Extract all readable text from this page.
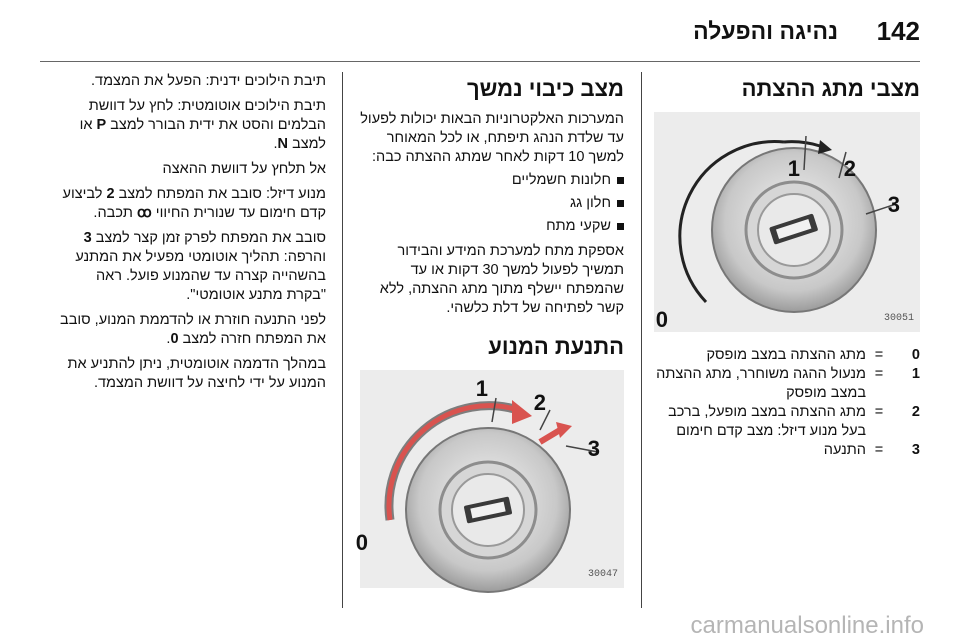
142
נהיגה והפעלה
מצבי מתג ההצתה
0
1 2
3
30051
0
=
מתג ההצתה במצב מופסק
1
=
מנעול ההגה משוחרר, מתג ההצתה במצב מופסק
2
=
מתג ההצתה במצב מופעל, ברכב בעל מנוע דיזל: מצב קדם חימום
3
=
התנעה
מצב כיבוי נמשך

המערכות האלקטרוניות הבאות יכולות לפעול עד שלדת הנהג תיפתח, או לכל המאוחר למשך 10 דקות לאחר שמתג ההצתה כבה:

חלונות חשמליים
חלון גג
שקעי מתח

אספקת מתח למערכת המידע והבידור תמשיך לפעול למשך 30 דקות או עד שהמפתח יישלף מתוך מתג ההצתה, ללא קשר לפתיחה של דלת כלשהי.

התנעת המנוע
0
1
2
3
30047

תיבת הילוכים ידנית: הפעל את המצמד.

תיבת הילוכים אוטומטית: לחץ על דוושת הבלמים והסט את ידית הבורר למצב P או למצב N.

אל תלחץ על דוושת ההאצה

מנוע דיזל: סובב את המפתח למצב 2 לביצוע קדם חימום עד שנורית החיווי ꝏ תכבה.

סובב את המפתח לפרק זמן קצר למצב 3 והרפה: תהליך אוטומטי מפעיל את המתנע בהשהייה קצרה עד שהמנוע פועל. ראה "בקרת מתנע אוטומטי".

לפני התנעה חוזרת או להדממת המנוע, סובב את המפתח חזרה למצב 0.

במהלך הדממה אוטומטית, ניתן להתניע את המנוע על ידי לחיצה על דוושת המצמד.

carmanualsonline.info
